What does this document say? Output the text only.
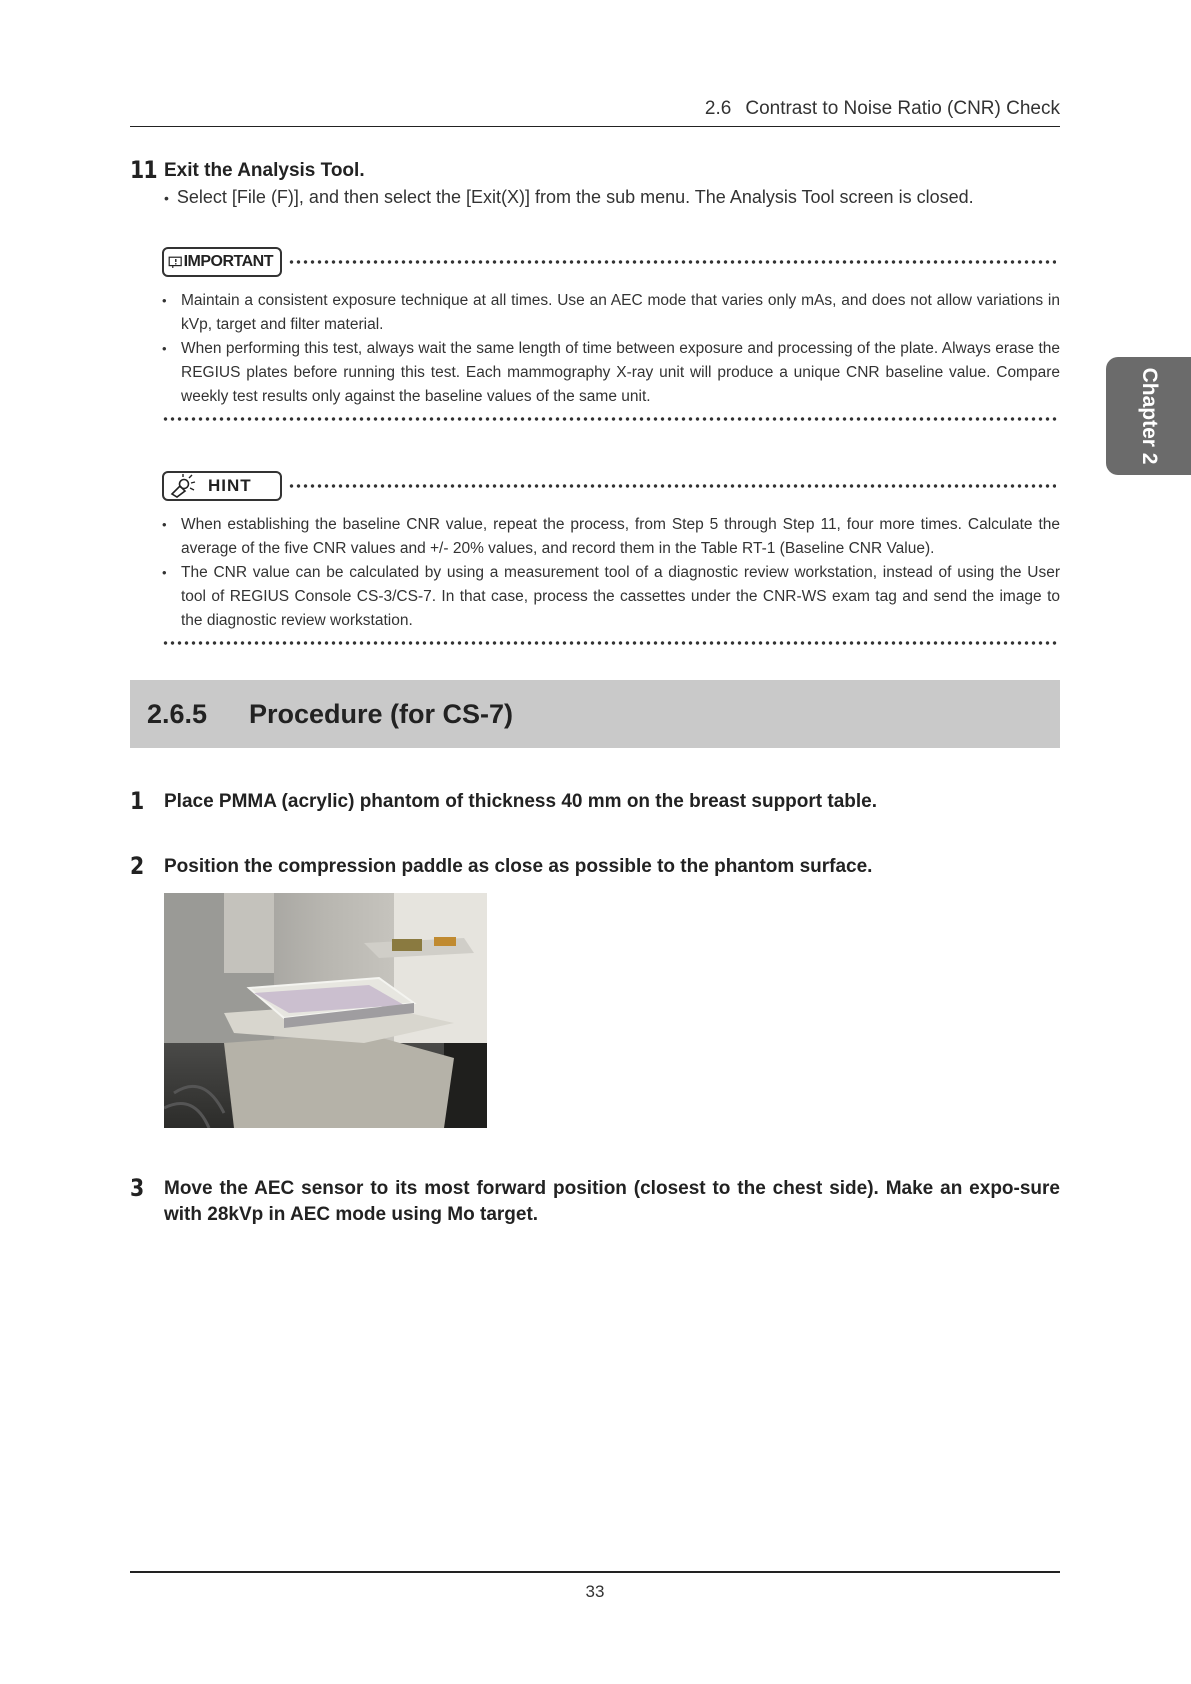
2.6 Contrast to Noise Ratio (CNR) Check
Chapter 2
11 Exit the Analysis Tool.
• Select [File (F)], and then select the [Exit(X)] from the sub menu. The Analysis Tool screen is closed.
IMPORTANT
• Maintain a consistent exposure technique at all times. Use an AEC mode that varies only mAs, and does not allow variations in kVp, target and filter material.
• When performing this test, always wait the same length of time between exposure and processing of the plate. Always erase the REGIUS plates before running this test. Each mammography X-ray unit will produce a unique CNR baseline value. Compare weekly test results only against the baseline values of the same unit.
HINT
• When establishing the baseline CNR value, repeat the process, from Step 5 through Step 11, four more times. Calculate the average of the five CNR values and +/- 20% values, and record them in the Table RT-1 (Baseline CNR Value).
• The CNR value can be calculated by using a measurement tool of a diagnostic review workstation, instead of using the User tool of REGIUS Console CS-3/CS-7. In that case, process the cassettes under the CNR-WS exam tag and send the image to the diagnostic review workstation.
2.6.5	Procedure (for CS-7)
1 Place PMMA (acrylic) phantom of thickness 40 mm on the breast support table.
2 Position the compression paddle as close as possible to the phantom surface.
3 Move the AEC sensor to its most forward position (closest to the chest side). Make an expo-sure with 28kVp in AEC mode using Mo target.
33
